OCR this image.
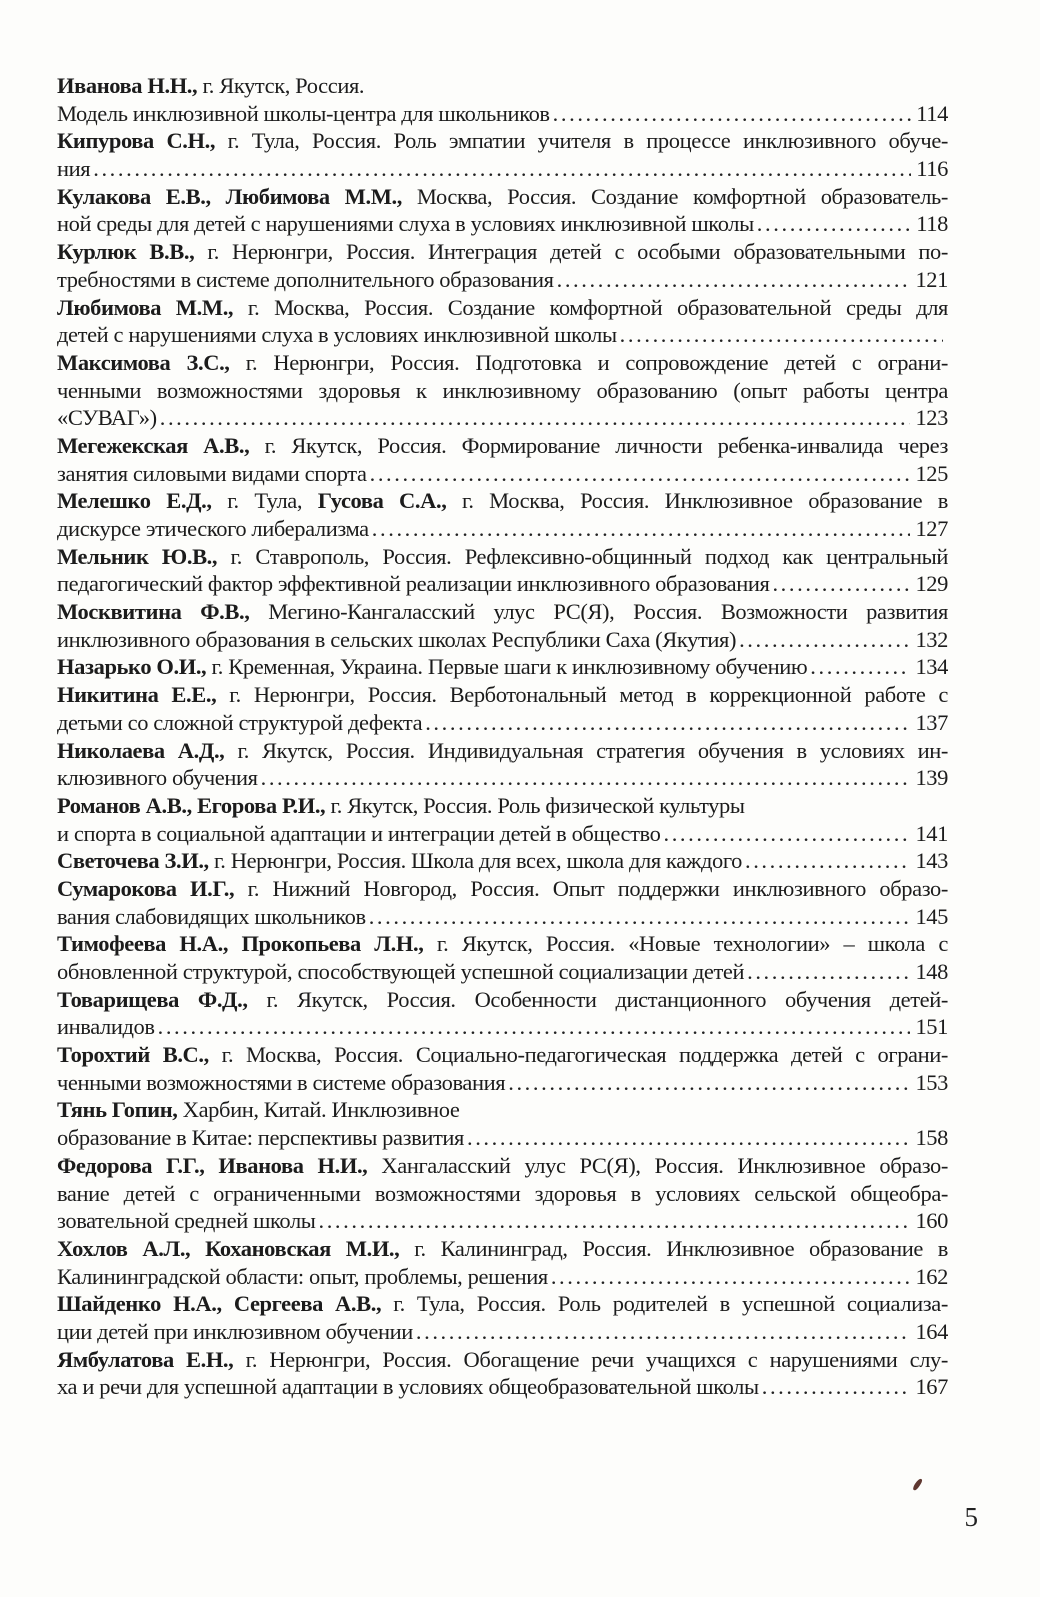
Иванова Н.Н., г. Якутск, Россия.
Модель инклюзивной школы-центра для школьников .....	114
Кипурова С.Н., г. Тула, Россия. Роль эмпатии учителя в процессе инклюзивного обуче-
ния .....	116
Кулакова Е.В., Любимова М.М., Москва, Россия. Создание комфортной образователь-
ной среды для детей с нарушениями слуха в условиях инклюзивной школы .....	118
Курлюк В.В., г. Нерюнгри, Россия. Интеграция детей с особыми образовательными по-
требностями в системе дополнительного образования .....	121
Любимова М.М., г. Москва, Россия. Создание комфортной образовательной среды для
детей с нарушениями слуха в условиях инклюзивной школы
.....
Максимова З.С., г. Нерюнгри, Россия. Подготовка и сопровождение детей с ограни-
ченными возможностями здоровья к инклюзивному образованию (опыт работы центра
«СУВАГ») .....	123
Мегежекская А.В., г. Якутск, Россия. Формирование личности ребенка-инвалида через
занятия силовыми видами спорта .....	125
Мелешко Е.Д., г. Тула, Гусова С.А., г. Москва, Россия. Инклюзивное образование в
дискурсе этического либерализма .....	127
Мельник Ю.В., г. Ставрополь, Россия. Рефлексивно-общинный подход как центральный
педагогический фактор эффективной реализации инклюзивного образования .....	129
Москвитина Ф.В., Мегино-Кангаласский улус РС(Я), Россия. Возможности развития
инклюзивного образования в сельских школах Республики Саха (Якутия) .....	132
Назарько О.И., г. Кременная, Украина. Первые шаги к инклюзивному обучению .....	134
Никитина Е.Е., г. Нерюнгри, Россия. Верботональный метод в коррекционной работе с
детьми со сложной структурой дефекта .....	137
Николаева А.Д., г. Якутск, Россия. Индивидуальная стратегия обучения в условиях ин-
клюзивного обучения .....	139
Романов А.В., Егорова Р.И., г. Якутск, Россия. Роль физической культуры
и спорта в социальной адаптации и интеграции детей в общество .....	141
Светочева З.И., г. Нерюнгри, Россия. Школа для всех, школа для каждого .....	143
Сумарокова И.Г., г. Нижний Новгород, Россия. Опыт поддержки инклюзивного образо-
вания слабовидящих школьников .....	145
Тимофеева Н.А., Прокопьева Л.Н., г. Якутск, Россия. «Новые технологии» – школа с
обновленной структурой, способствующей успешной социализации детей .....	148
Товарищева Ф.Д., г. Якутск, Россия. Особенности дистанционного обучения детей-
инвалидов .....	151
Торохтий В.С., г. Москва, Россия. Социально-педагогическая поддержка детей с ограни-
ченными возможностями в системе образования .....	153
Тянь Гопин, Харбин, Китай. Инклюзивное
образование в Китае: перспективы развития .....	158
Федорова Г.Г., Иванова Н.И., Хангаласский улус РС(Я), Россия. Инклюзивное образо-
вание детей с ограниченными возможностями здоровья в условиях сельской общеобра-
зовательной средней школы .....	160
Хохлов А.Л., Кохановская М.И., г. Калининград, Россия. Инклюзивное образование в
Калининградской области: опыт, проблемы, решения .....	162
Шайденко Н.А., Сергеева А.В., г. Тула, Россия. Роль родителей в успешной социализа-
ции детей при инклюзивном обучении .....	164
Ямбулатова Е.Н., г. Нерюнгри, Россия. Обогащение речи учащихся с нарушениями слу-
ха и речи для успешной адаптации в условиях общеобразовательной школы .....	167
5
